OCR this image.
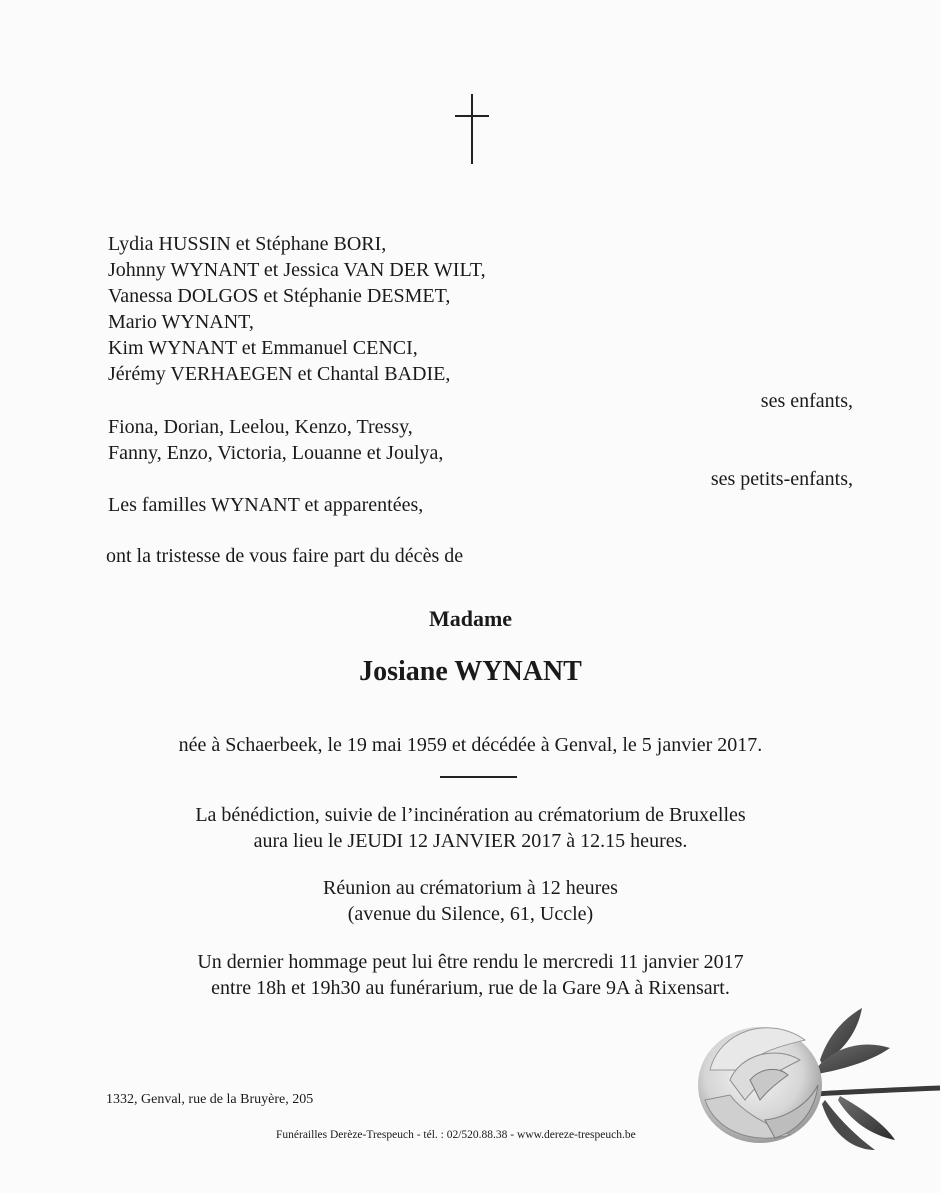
Lydia HUSSIN et Stéphane BORI,
Johnny WYNANT et Jessica VAN DER WILT,
Vanessa DOLGOS et Stéphanie DESMET,
Mario WYNANT,
Kim WYNANT et Emmanuel CENCI,
Jérémy VERHAEGEN et Chantal BADIE,
ses enfants,
Fiona, Dorian, Leelou, Kenzo, Tressy,
Fanny, Enzo, Victoria, Louanne et Joulya,
ses petits-enfants,
Les familles WYNANT et apparentées,
ont la tristesse de vous faire part du décès de
Madame
Josiane WYNANT
née à Schaerbeek, le 19 mai 1959 et décédée à Genval, le 5 janvier 2017.
La bénédiction, suivie de l’incinération au crématorium de Bruxelles
aura lieu le JEUDI 12 JANVIER 2017 à 12.15 heures.
Réunion au crématorium à 12 heures
(avenue du Silence, 61, Uccle)
Un dernier hommage peut lui être rendu le mercredi 11 janvier 2017
entre 18h et 19h30 au funérarium, rue de la Gare 9A à Rixensart.
1332, Genval, rue de la Bruyère, 205
Funérailles Derèze-Trespeuch - tél. : 02/520.88.38 - www.dereze-trespeuch.be
